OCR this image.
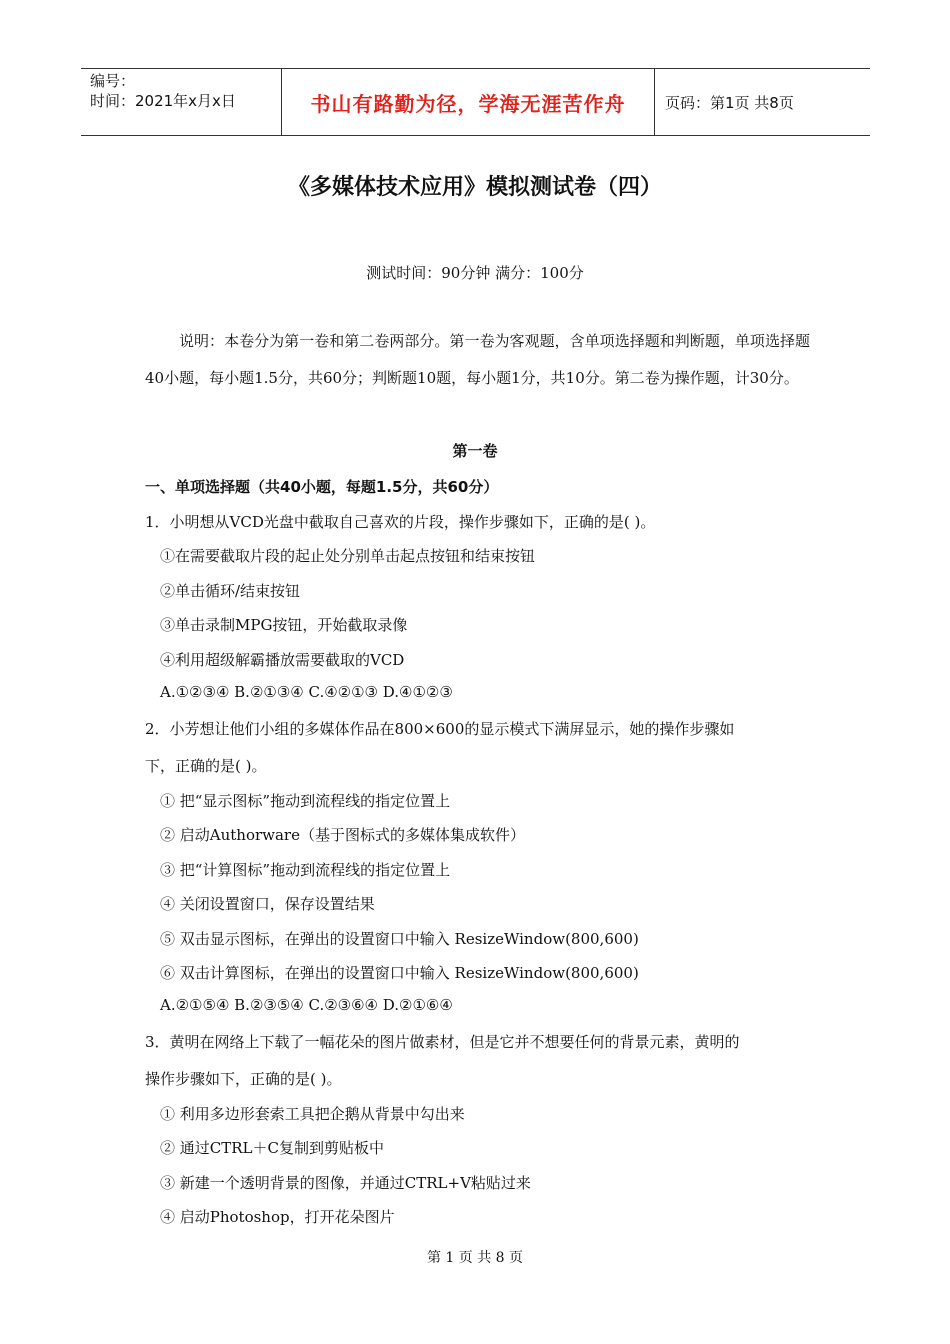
编号：
时间：2021年x月x日	书山有路勤为径，学海无涯苦作舟	页码：第1页 共8页
《多媒体技术应用》模拟测试卷（四）
测试时间：90分钟 满分：100分
说明：本卷分为第一卷和第二卷两部分。第一卷为客观题，含单项选择题和判断题，单项选择题40小题，每小题1.5分，共60分；判断题10题，每小题1分，共10分。第二卷为操作题，计30分。
第一卷
一、单项选择题（共40小题，每题1.5分，共60分）
1．小明想从VCD光盘中截取自己喜欢的片段，操作步骤如下，正确的是( )。
①在需要截取片段的起止处分别单击起点按钮和结束按钮
②单击循环/结束按钮
③单击录制MPG按钮，开始截取录像
④利用超级解霸播放需要截取的VCD
A.①②③④ B.②①③④ C.④②①③ D.④①②③
2．小芳想让他们小组的多媒体作品在800×600的显示模式下满屏显示，她的操作步骤如
下，正确的是( )。
① 把“显示图标”拖动到流程线的指定位置上
② 启动Authorware（基于图标式的多媒体集成软件）
③ 把“计算图标”拖动到流程线的指定位置上
④ 关闭设置窗口，保存设置结果
⑤ 双击显示图标，在弹出的设置窗口中输入 ResizeWindow(800,600)
⑥ 双击计算图标，在弹出的设置窗口中输入 ResizeWindow(800,600)
A.②①⑤④ B.②③⑤④ C.②③⑥④ D.②①⑥④
3．黄明在网络上下载了一幅花朵的图片做素材，但是它并不想要任何的背景元素，黄明的
操作步骤如下，正确的是( )。
① 利用多边形套索工具把企鹅从背景中勾出来
② 通过CTRL＋C复制到剪贴板中
③ 新建一个透明背景的图像，并通过CTRL+V粘贴过来
④ 启动Photoshop，打开花朵图片
第 1 页 共 8 页
